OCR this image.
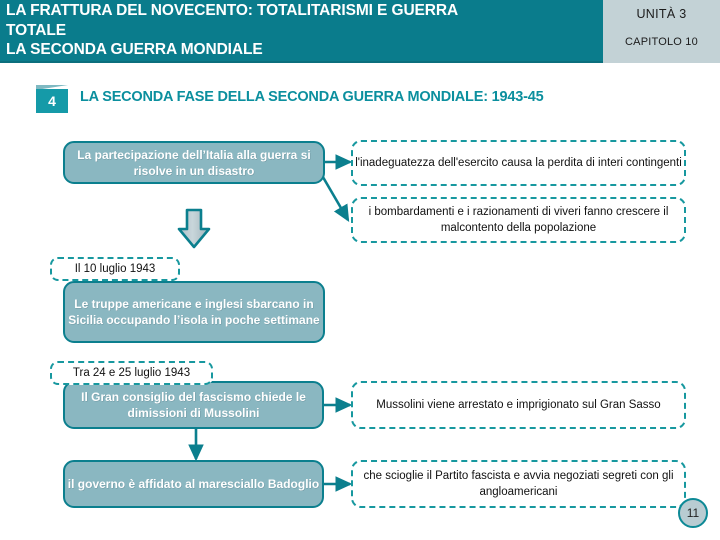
LA FRATTURA DEL NOVECENTO: TOTALITARISMI E GUERRA
TOTALE
LA SECONDA GUERRA MONDIALE
UNITÀ 3
CAPITOLO 10
4	LA SECONDA FASE DELLA SECONDA GUERRA MONDIALE: 1943-45
La partecipazione dell’Italia alla guerra si risolve in un disastro
Le truppe americane e inglesi sbarcano in Sicilia occupando l’isola in poche settimane
Il Gran consiglio del fascismo chiede le dimissioni di Mussolini
il governo è affidato al maresciallo Badoglio
l'inadeguatezza dell'esercito causa la perdita di interi contingenti
i bombardamenti e i razionamenti di viveri fanno crescere il malcontento della popolazione
Mussolini viene arrestato e imprigionato sul Gran Sasso
che scioglie il Partito fascista e avvia negoziati segreti con gli angloamericani
Il 10 luglio 1943
Tra 24 e 25 luglio 1943
11
